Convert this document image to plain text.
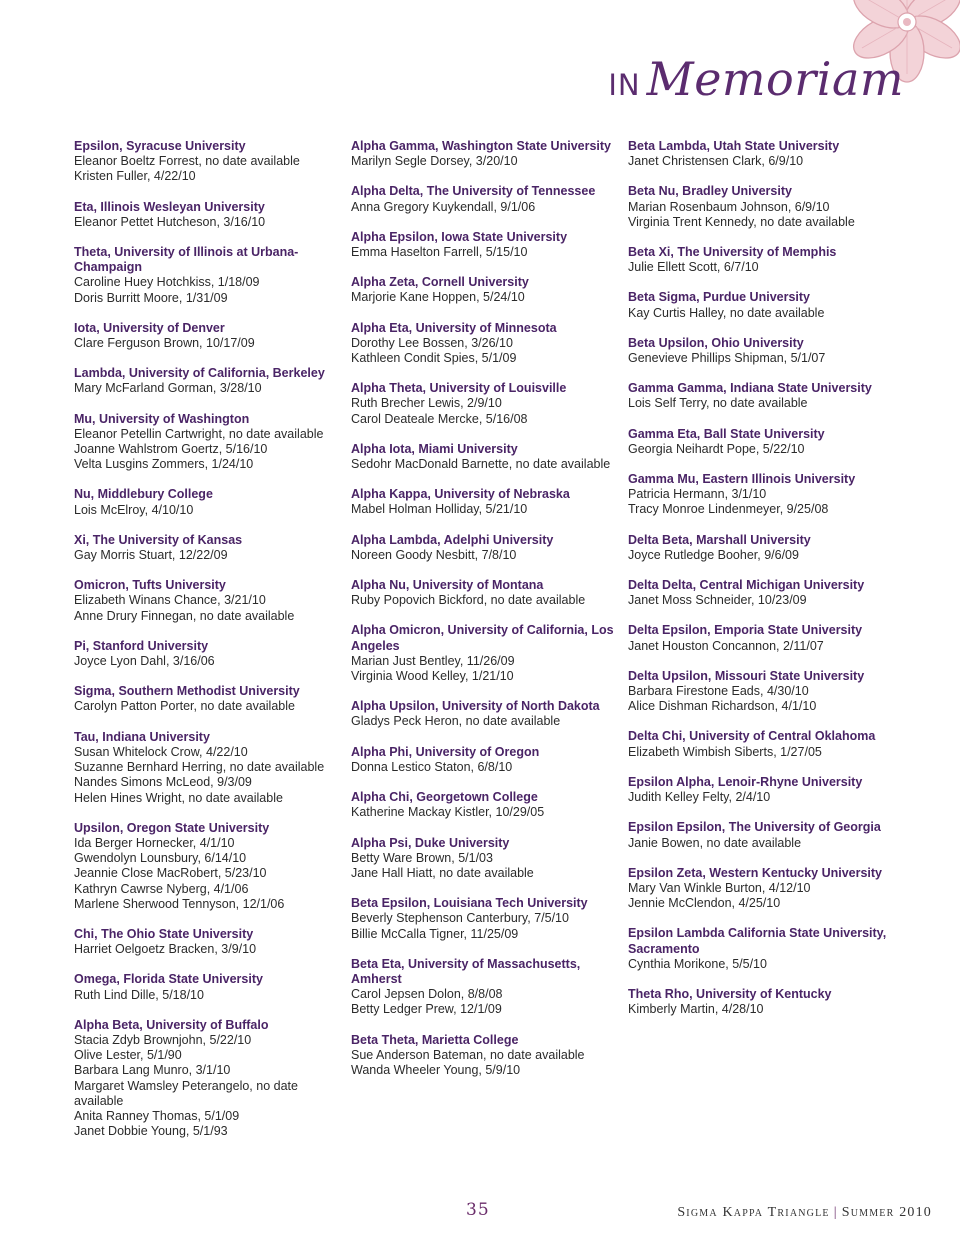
IN Memoriam
Epsilon, Syracuse University
Eleanor Boeltz Forrest, no date available
Kristen Fuller, 4/22/10
Eta, Illinois Wesleyan University
Eleanor Pettet Hutcheson, 3/16/10
Theta, University of Illinois at Urbana-Champaign
Caroline Huey Hotchkiss, 1/18/09
Doris Burritt Moore, 1/31/09
Iota, University of Denver
Clare Ferguson Brown, 10/17/09
Lambda, University of California, Berkeley
Mary McFarland Gorman, 3/28/10
Mu, University of Washington
Eleanor Petellin Cartwright, no date available
Joanne Wahlstrom Goertz, 5/16/10
Velta Lusgins Zommers, 1/24/10
Nu, Middlebury College
Lois McElroy, 4/10/10
Xi, The University of Kansas
Gay Morris Stuart, 12/22/09
Omicron, Tufts University
Elizabeth Winans Chance, 3/21/10
Anne Drury Finnegan, no date available
Pi, Stanford University
Joyce Lyon Dahl, 3/16/06
Sigma, Southern Methodist University
Carolyn Patton Porter, no date available
Tau, Indiana University
Susan Whitelock Crow, 4/22/10
Suzanne Bernhard Herring, no date available
Nandes Simons McLeod, 9/3/09
Helen Hines Wright, no date available
Upsilon, Oregon State University
Ida Berger Hornecker, 4/1/10
Gwendolyn Lounsbury, 6/14/10
Jeannie Close MacRobert, 5/23/10
Kathryn Cawrse Nyberg, 4/1/06
Marlene Sherwood Tennyson, 12/1/06
Chi, The Ohio State University
Harriet Oelgoetz Bracken, 3/9/10
Omega, Florida State University
Ruth Lind Dille, 5/18/10
Alpha Beta, University of Buffalo
Stacia Zdyb Brownjohn, 5/22/10
Olive Lester, 5/1/90
Barbara Lang Munro, 3/1/10
Margaret Wamsley Peterangelo, no date available
Anita Ranney Thomas, 5/1/09
Janet Dobbie Young, 5/1/93
Alpha Gamma, Washington State University
Marilyn Segle Dorsey, 3/20/10
Alpha Delta, The University of Tennessee
Anna Gregory Kuykendall, 9/1/06
Alpha Epsilon, Iowa State University
Emma Haselton Farrell, 5/15/10
Alpha Zeta, Cornell University
Marjorie Kane Hoppen, 5/24/10
Alpha Eta, University of Minnesota
Dorothy Lee Bossen, 3/26/10
Kathleen Condit Spies, 5/1/09
Alpha Theta, University of Louisville
Ruth Brecher Lewis, 2/9/10
Carol Deateale Mercke, 5/16/08
Alpha Iota, Miami University
Sedohr MacDonald Barnette, no date available
Alpha Kappa, University of Nebraska
Mabel Holman Holliday, 5/21/10
Alpha Lambda, Adelphi University
Noreen Goody Nesbitt, 7/8/10
Alpha Nu, University of Montana
Ruby Popovich Bickford, no date available
Alpha Omicron, University of California, Los Angeles
Marian Just Bentley, 11/26/09
Virginia Wood Kelley, 1/21/10
Alpha Upsilon, University of North Dakota
Gladys Peck Heron, no date available
Alpha Phi, University of Oregon
Donna Lestico Staton, 6/8/10
Alpha Chi, Georgetown College
Katherine Mackay Kistler, 10/29/05
Alpha Psi, Duke University
Betty Ware Brown, 5/1/03
Jane Hall Hiatt, no date available
Beta Epsilon, Louisiana Tech University
Beverly Stephenson Canterbury, 7/5/10
Billie McCalla Tigner, 11/25/09
Beta Eta, University of Massachusetts, Amherst
Carol Jepsen Dolon, 8/8/08
Betty Ledger Prew, 12/1/09
Beta Theta, Marietta College
Sue Anderson Bateman, no date available
Wanda Wheeler Young, 5/9/10
Beta Lambda, Utah State University
Janet Christensen Clark, 6/9/10
Beta Nu, Bradley University
Marian Rosenbaum Johnson, 6/9/10
Virginia Trent Kennedy, no date available
Beta Xi, The University of Memphis
Julie Ellett Scott, 6/7/10
Beta Sigma, Purdue University
Kay Curtis Halley, no date available
Beta Upsilon, Ohio University
Genevieve Phillips Shipman, 5/1/07
Gamma Gamma, Indiana State University
Lois Self Terry, no date available
Gamma Eta, Ball State University
Georgia Neihardt Pope, 5/22/10
Gamma Mu, Eastern Illinois University
Patricia Hermann, 3/1/10
Tracy Monroe Lindenmeyer, 9/25/08
Delta Beta, Marshall University
Joyce Rutledge Booher, 9/6/09
Delta Delta, Central Michigan University
Janet Moss Schneider, 10/23/09
Delta Epsilon, Emporia State University
Janet Houston Concannon, 2/11/07
Delta Upsilon, Missouri State University
Barbara Firestone Eads, 4/30/10
Alice Dishman Richardson, 4/1/10
Delta Chi, University of Central Oklahoma
Elizabeth Wimbish Siberts, 1/27/05
Epsilon Alpha, Lenoir-Rhyne University
Judith Kelley Felty, 2/4/10
Epsilon Epsilon, The University of Georgia
Janie Bowen, no date available
Epsilon Zeta, Western Kentucky University
Mary Van Winkle Burton, 4/12/10
Jennie McClendon, 4/25/10
Epsilon Lambda California State University, Sacramento
Cynthia Morikone, 5/5/10
Theta Rho, University of Kentucky
Kimberly Martin, 4/28/10
35	Sigma Kappa Triangle | Summer 2010
